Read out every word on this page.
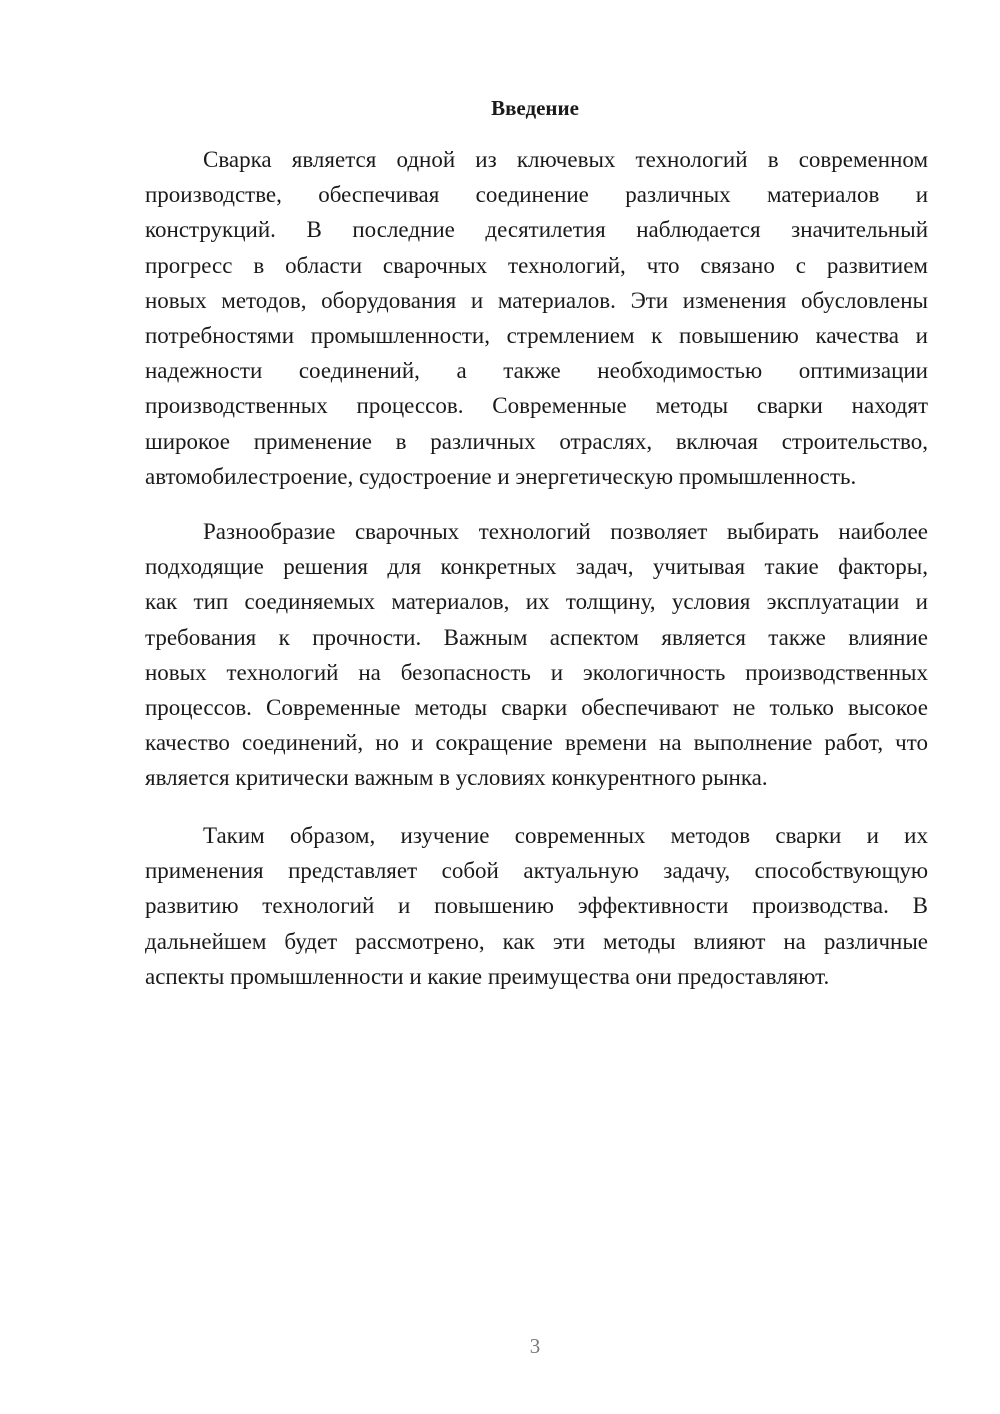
Введение
Сварка является одной из ключевых технологий в современном
производстве, обеспечивая соединение различных материалов и
конструкций. В последние десятилетия наблюдается значительный
прогресс в области сварочных технологий, что связано с развитием
новых методов, оборудования и материалов. Эти изменения обусловлены
потребностями промышленности, стремлением к повышению качества и
надежности соединений, а также необходимостью оптимизации
производственных процессов. Современные методы сварки находят
широкое применение в различных отраслях, включая строительство,
автомобилестроение, судостроение и энергетическую промышленность.
Разнообразие сварочных технологий позволяет выбирать наиболее
подходящие решения для конкретных задач, учитывая такие факторы,
как тип соединяемых материалов, их толщину, условия эксплуатации и
требования к прочности. Важным аспектом является также влияние
новых технологий на безопасность и экологичность производственных
процессов. Современные методы сварки обеспечивают не только высокое
качество соединений, но и сокращение времени на выполнение работ, что
является критически важным в условиях конкурентного рынка.
Таким образом, изучение современных методов сварки и их
применения представляет собой актуальную задачу, способствующую
развитию технологий и повышению эффективности производства. В
дальнейшем будет рассмотрено, как эти методы влияют на различные
аспекты промышленности и какие преимущества они предоставляют.
3
